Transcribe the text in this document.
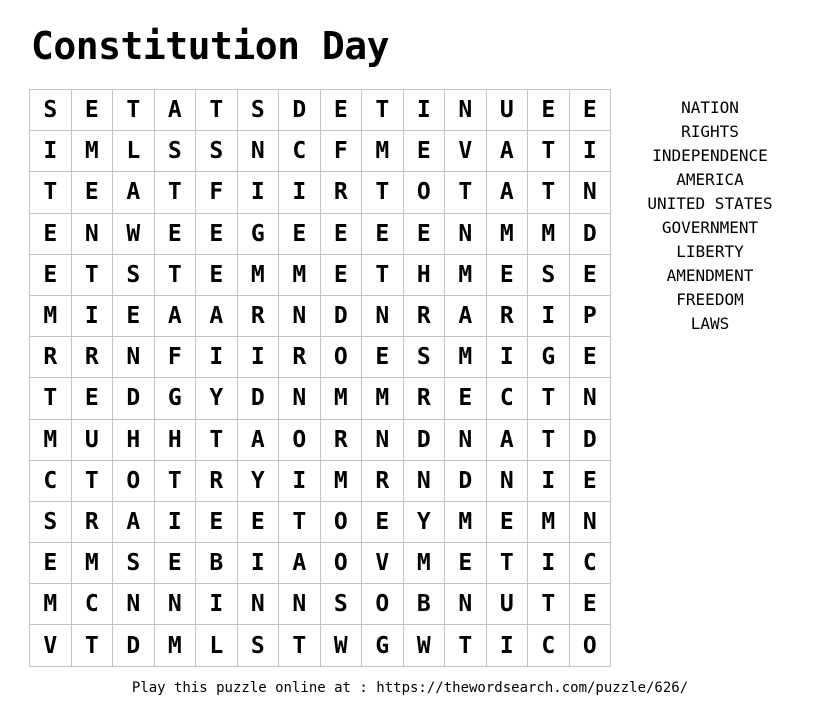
Constitution Day
S	E	T	A	T	S	D	E	T	I	N	U	E	E
I	M	L	S	S	N	C	F	M	E	V	A	T	I
T	E	A	T	F	I	I	R	T	O	T	A	T	N
E	N	W	E	E	G	E	E	E	E	N	M	M	D
E	T	S	T	E	M	M	E	T	H	M	E	S	E
M	I	E	A	A	R	N	D	N	R	A	R	I	P
R	R	N	F	I	I	R	O	E	S	M	I	G	E
T	E	D	G	Y	D	N	M	M	R	E	C	T	N
M	U	H	H	T	A	O	R	N	D	N	A	T	D
C	T	O	T	R	Y	I	M	R	N	D	N	I	E
S	R	A	I	E	E	T	O	E	Y	M	E	M	N
E	M	S	E	B	I	A	O	V	M	E	T	I	C
M	C	N	N	I	N	N	S	O	B	N	U	T	E
V	T	D	M	L	S	T	W	G	W	T	I	C	O
NATION
RIGHTS
INDEPENDENCE
AMERICA
UNITED STATES
GOVERNMENT
LIBERTY
AMENDMENT
FREEDOM
LAWS
Play this puzzle online at : https://thewordsearch.com/puzzle/626/
